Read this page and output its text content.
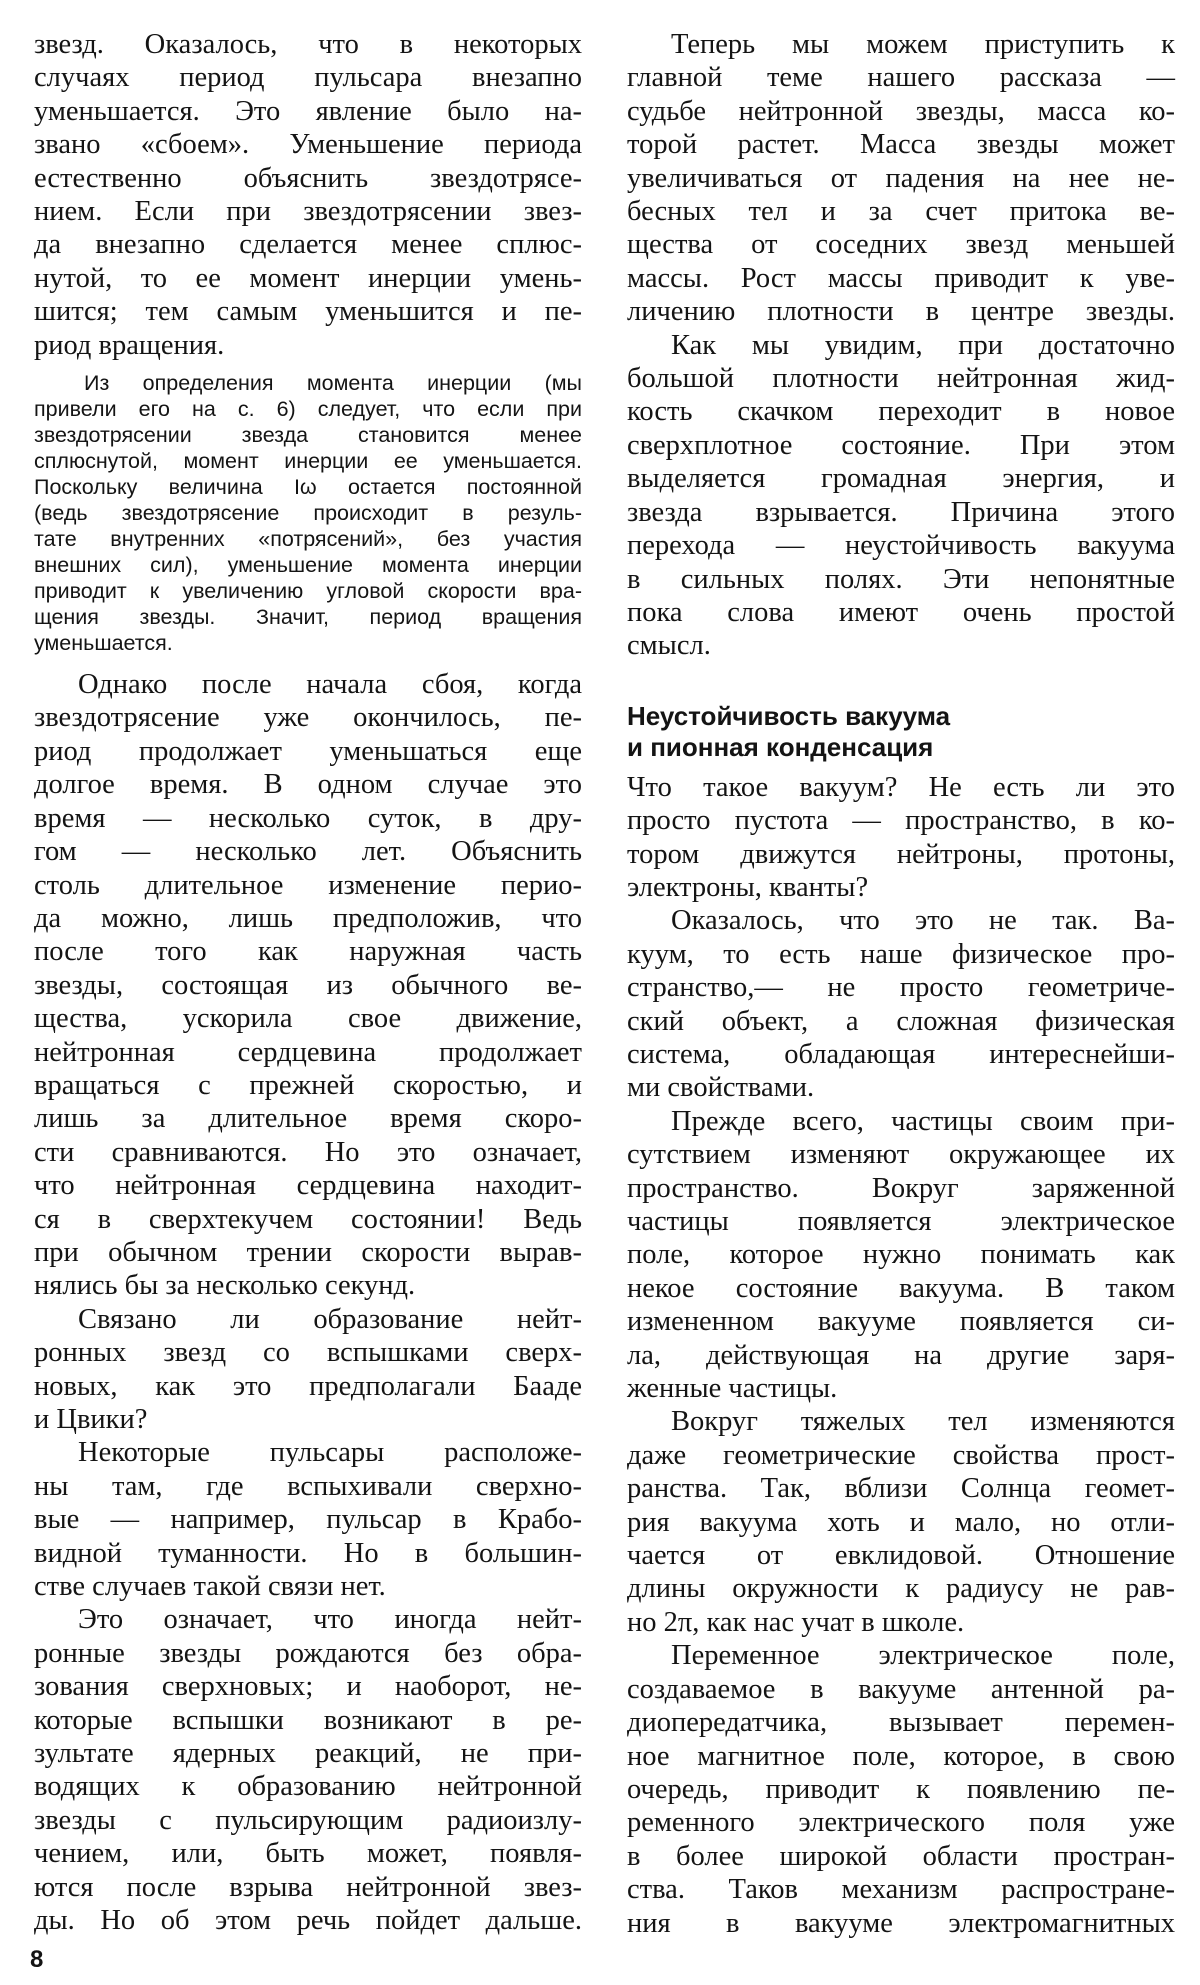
звезд. Оказалось, что в некоторых
случаях период пульсара внезапно
уменьшается. Это явление было на-
звано «сбоем». Уменьшение периода
естественно объяснить звездотрясе-
нием. Если при звездотрясении звез-
да внезапно сделается менее сплюс-
нутой, то ее момент инерции умень-
шится; тем самым уменьшится и пе-
риод вращения.

Из определения момента инерции (мы
привели его на с. 6) следует, что если при
звездотрясении звезда становится менее
сплюснутой, момент инерции ее уменьшается.
Поскольку величина Iω остается постоянной
(ведь звездотрясение происходит в резуль-
тате внутренних «потрясений», без участия
внешних сил), уменьшение момента инерции
приводит к увеличению угловой скорости вра-
щения звезды. Значит, период вращения
уменьшается.

Однако после начала сбоя, когда
звездотрясение уже окончилось, пе-
риод продолжает уменьшаться еще
долгое время. В одном случае это
время — несколько суток, в дру-
гом — несколько лет. Объяснить
столь длительное изменение перио-
да можно, лишь предположив, что
после того как наружная часть
звезды, состоящая из обычного ве-
щества, ускорила свое движение,
нейтронная сердцевина продолжает
вращаться с прежней скоростью, и
лишь за длительное время скоро-
сти сравниваются. Но это означает,
что нейтронная сердцевина находит-
ся в сверхтекучем состоянии! Ведь
при обычном трении скорости вырав-
нялись бы за несколько секунд.

Связано ли образование нейт-
ронных звезд со вспышками сверх-
новых, как это предполагали Бааде
и Цвики?

Некоторые пульсары расположе-
ны там, где вспыхивали сверхно-
вые — например, пульсар в Крабо-
видной туманности. Но в большин-
стве случаев такой связи нет.

Это означает, что иногда нейт-
ронные звезды рождаются без обра-
зования сверхновых; и наоборот, не-
которые вспышки возникают в ре-
зультате ядерных реакций, не при-
водящих к образованию нейтронной
звезды с пульсирующим радиоизлу-
чением, или, быть может, появля-
ются после взрыва нейтронной звез-
ды. Но об этом речь пойдет дальше.

Теперь мы можем приступить к
главной теме нашего рассказа —
судьбе нейтронной звезды, масса ко-
торой растет. Масса звезды может
увеличиваться от падения на нее не-
бесных тел и за счет притока ве-
щества от соседних звезд меньшей
массы. Рост массы приводит к уве-
личению плотности в центре звезды.

Как мы увидим, при достаточно
большой плотности нейтронная жид-
кость скачком переходит в новое
сверхплотное состояние. При этом
выделяется громадная энергия, и
звезда взрывается. Причина этого
перехода — неустойчивость вакуума
в сильных полях. Эти непонятные
пока слова имеют очень простой
смысл.

Неустойчивость вакуума
и пионная конденсация

Что такое вакуум? Не есть ли это
просто пустота — пространство, в ко-
тором движутся нейтроны, протоны,
электроны, кванты?

Оказалось, что это не так. Ва-
куум, то есть наше физическое про-
странство,— не просто геометриче-
ский объект, а сложная физическая
система, обладающая интереснейши-
ми свойствами.

Прежде всего, частицы своим при-
сутствием изменяют окружающее их
пространство. Вокруг заряженной
частицы появляется электрическое
поле, которое нужно понимать как
некое состояние вакуума. В таком
измененном вакууме появляется си-
ла, действующая на другие заря-
женные частицы.

Вокруг тяжелых тел изменяются
даже геометрические свойства прост-
ранства. Так, вблизи Солнца геомет-
рия вакуума хоть и мало, но отли-
чается от евклидовой. Отношение
длины окружности к радиусу не рав-
но 2π, как нас учат в школе.

Переменное электрическое поле,
создаваемое в вакууме антенной ра-
диопередатчика, вызывает перемен-
ное магнитное поле, которое, в свою
очередь, приводит к появлению пе-
ременного электрического поля уже
в более широкой области простран-
ства. Таков механизм распростране-
ния в вакууме электромагнитных

8
